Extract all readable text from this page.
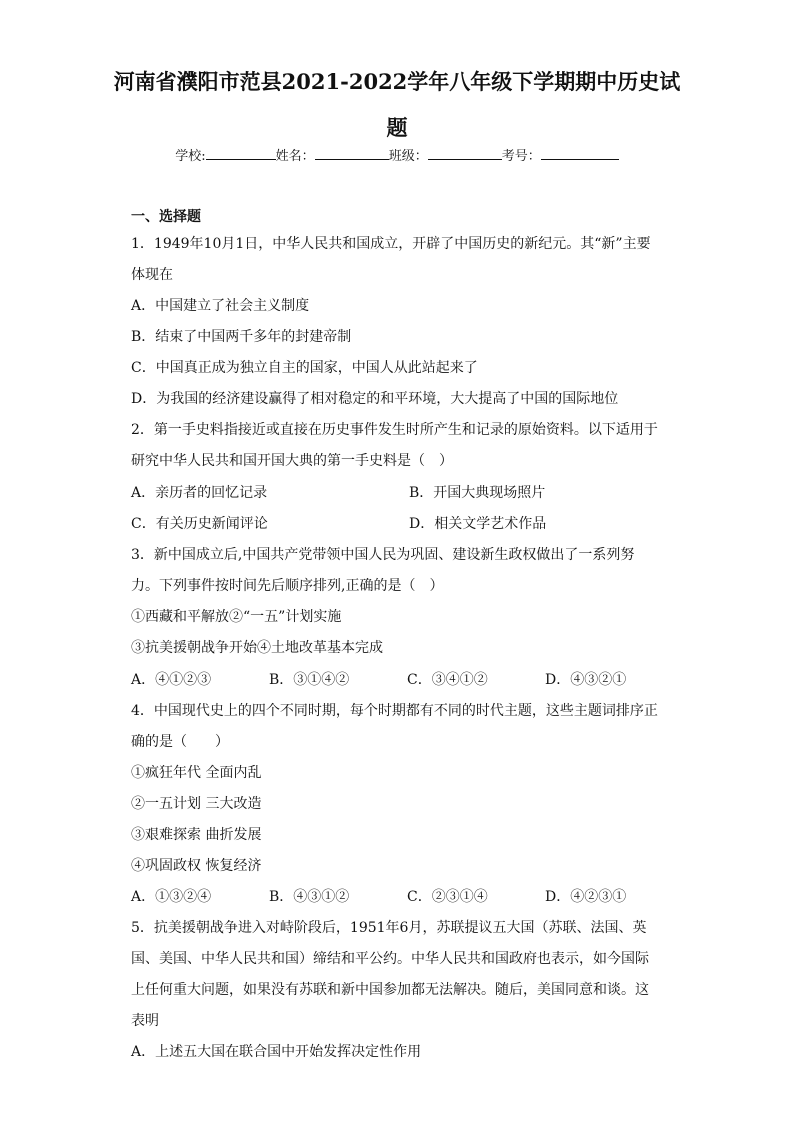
河南省濮阳市范县2021-2022学年八年级下学期期中历史试
题
学校:	姓名：	班级：	考号：
一、选择题
1．1949年10月1日，中华人民共和国成立，开辟了中国历史的新纪元。其“新”主要
体现在
A．中国建立了社会主义制度
B．结束了中国两千多年的封建帝制
C．中国真正成为独立自主的国家，中国人从此站起来了
D．为我国的经济建设赢得了相对稳定的和平环境，大大提高了中国的国际地位
2．第一手史料指接近或直接在历史事件发生时所产生和记录的原始资料。以下适用于
研究中华人民共和国开国大典的第一手史料是（　）
A．亲历者的回忆记录	B．开国大典现场照片
C．有关历史新闻评论	D．相关文学艺术作品
3．新中国成立后,中国共产党带领中国人民为巩固、建设新生政权做出了一系列努
力。下列事件按时间先后顺序排列,正确的是（　）
①西藏和平解放②“一五”计划实施
③抗美援朝战争开始④土地改革基本完成
A．④①②③	B．③①④②	C．③④①②	D．④③②①
4．中国现代史上的四个不同时期，每个时期都有不同的时代主题，这些主题词排序正
确的是（　　）
①疯狂年代 全面内乱
②一五计划 三大改造
③艰难探索 曲折发展
④巩固政权 恢复经济
A．①③②④	B．④③①②	C．②③①④	D．④②③①
5．抗美援朝战争进入对峙阶段后，1951年6月，苏联提议五大国（苏联、法国、英
国、美国、中华人民共和国）缔结和平公约。中华人民共和国政府也表示，如今国际
上任何重大问题，如果没有苏联和新中国参加都无法解决。随后，美国同意和谈。这
表明
A．上述五大国在联合国中开始发挥决定性作用
